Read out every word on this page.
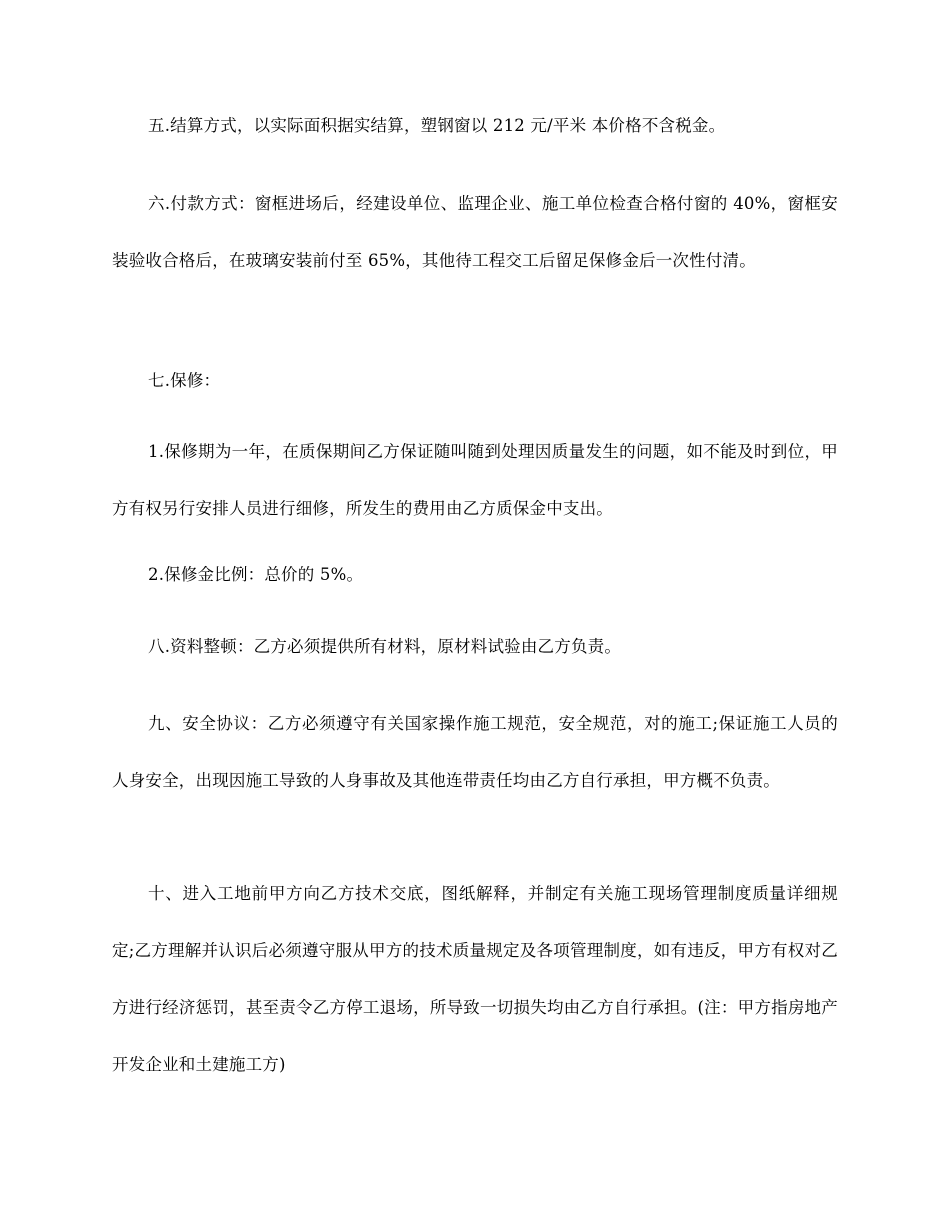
五.结算方式，以实际面积据实结算，塑钢窗以 212 元/平米 本价格不含税金。

六.付款方式：窗框进场后，经建设单位、监理企业、施工单位检查合格付窗的 40%，窗框安装验收合格后，在玻璃安装前付至 65%，其他待工程交工后留足保修金后一次性付清。

七.保修：

1.保修期为一年，在质保期间乙方保证随叫随到处理因质量发生的问题，如不能及时到位，甲方有权另行安排人员进行细修，所发生的费用由乙方质保金中支出。

2.保修金比例：总价的 5%。

八.资料整顿：乙方必须提供所有材料，原材料试验由乙方负责。

九、安全协议：乙方必须遵守有关国家操作施工规范，安全规范，对的施工;保证施工人员的人身安全，出现因施工导致的人身事故及其他连带责任均由乙方自行承担，甲方概不负责。

十、进入工地前甲方向乙方技术交底，图纸解释，并制定有关施工现场管理制度质量详细规定;乙方理解并认识后必须遵守服从甲方的技术质量规定及各项管理制度，如有违反，甲方有权对乙方进行经济惩罚，甚至责令乙方停工退场，所导致一切损失均由乙方自行承担。(注：甲方指房地产开发企业和土建施工方)
